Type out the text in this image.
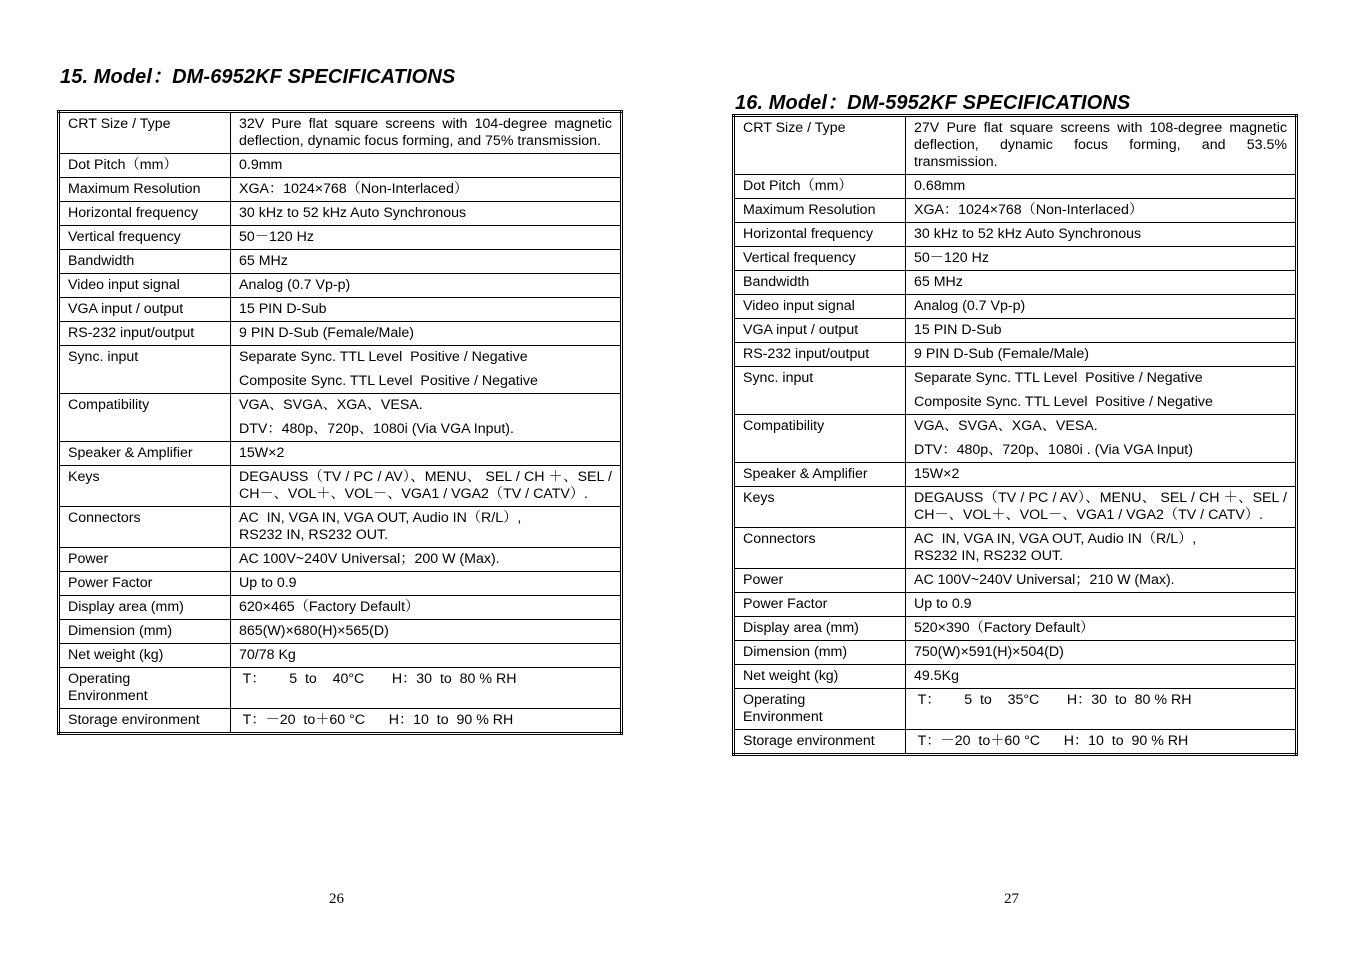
15. Model：DM-6952KF SPECIFICATIONS
CRT Size / Type	32V Pure flat square screens with 104-degree magnetic deflection, dynamic focus forming, and 75% transmission.

Dot Pitch（mm）	0.9mm

Maximum Resolution	XGA：1024×768（Non-Interlaced）

Horizontal frequency	30 kHz to 52 kHz Auto Synchronous

Vertical frequency	50－120 Hz

Bandwidth	65 MHz

Video input signal	Analog (0.7 Vp-p)

VGA input / output	15 PIN D-Sub

RS-232 input/output	9 PIN D-Sub (Female/Male)

Sync. input	Separate Sync. TTL Level  Positive / Negative
Composite Sync. TTL Level  Positive / Negative

Compatibility	VGA、SVGA、XGA、VESA.
DTV：480p、720p、1080i (Via VGA Input).

Speaker & Amplifier	15W×2

Keys	DEGAUSS（TV / PC / AV）、MENU、 SEL / CH ＋、SEL / CH－、VOL＋、VOL－、VGA1 / VGA2（TV / CATV）.

Connectors	AC  IN, VGA IN, VGA OUT, Audio IN（R/L）,
RS232 IN, RS232 OUT.

Power	AC 100V~240V Universal；200 W (Max).

Power Factor	Up to 0.9

Display area (mm)	620×465（Factory Default）

Dimension (mm)	865(W)×680(H)×565(D)

Net weight (kg)	70/78 Kg

Operating
Environment	T：      5  to    40°C       H：30  to  80 % RH

Storage environment	T：－20  to＋60 °C      H：10  to  90 % RH
26
16. Model：DM-5952KF SPECIFICATIONS
CRT Size / Type	27V Pure flat square screens with 108-degree magnetic deflection, dynamic focus forming, and 53.5% transmission.

Dot Pitch（mm）	0.68mm

Maximum Resolution	XGA：1024×768（Non-Interlaced）

Horizontal frequency	30 kHz to 52 kHz Auto Synchronous

Vertical frequency	50－120 Hz

Bandwidth	65 MHz

Video input signal	Analog (0.7 Vp-p)

VGA input / output	15 PIN D-Sub

RS-232 input/output	9 PIN D-Sub (Female/Male)

Sync. input	Separate Sync. TTL Level  Positive / Negative
Composite Sync. TTL Level  Positive / Negative

Compatibility	VGA、SVGA、XGA、VESA.
DTV：480p、720p、1080i . (Via VGA Input)

Speaker & Amplifier	15W×2

Keys	DEGAUSS（TV / PC / AV）、MENU、 SEL / CH ＋、SEL / CH－、VOL＋、VOL－、VGA1 / VGA2（TV / CATV）.

Connectors	AC  IN, VGA IN, VGA OUT, Audio IN（R/L）,
RS232 IN, RS232 OUT.

Power	AC 100V~240V Universal；210 W (Max).

Power Factor	Up to 0.9

Display area (mm)	520×390（Factory Default）

Dimension (mm)	750(W)×591(H)×504(D)

Net weight (kg)	49.5Kg

Operating
Environment	T：      5  to    35°C       H：30  to  80 % RH

Storage environment	T：－20  to＋60 °C      H：10  to  90 % RH
27
